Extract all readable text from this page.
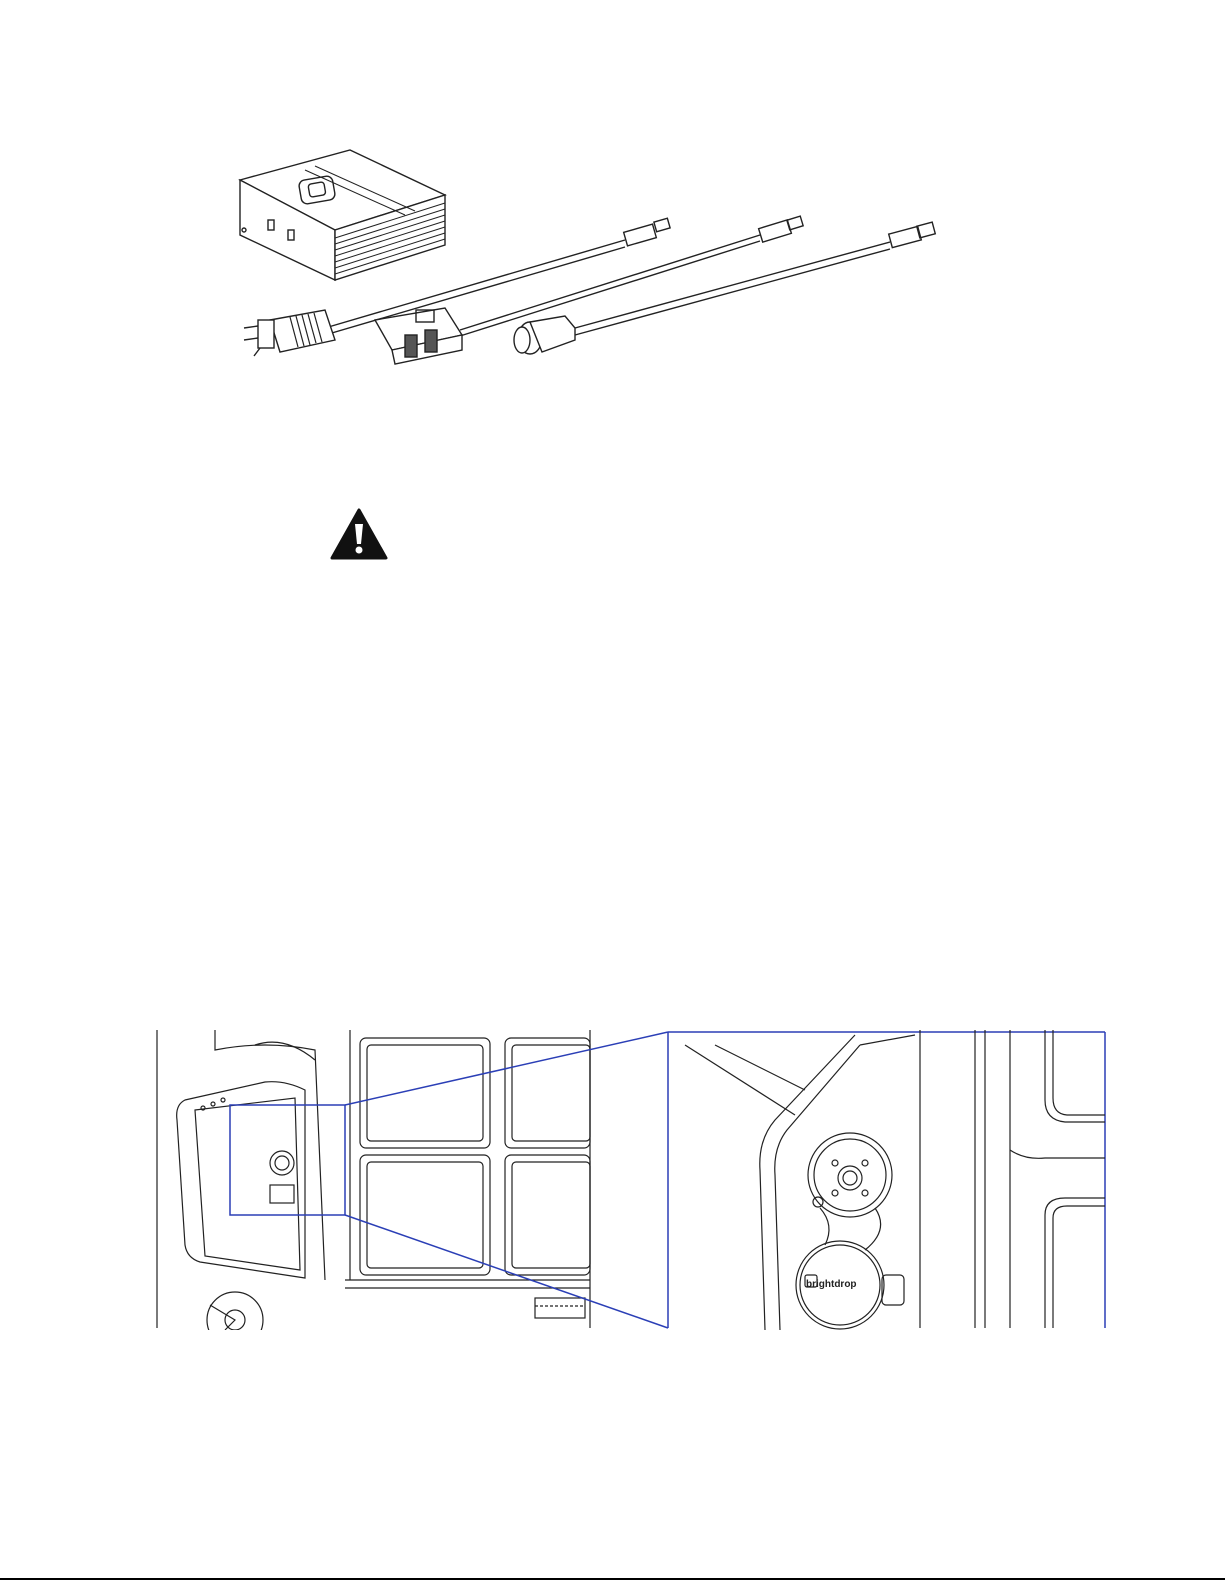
brightdrop
